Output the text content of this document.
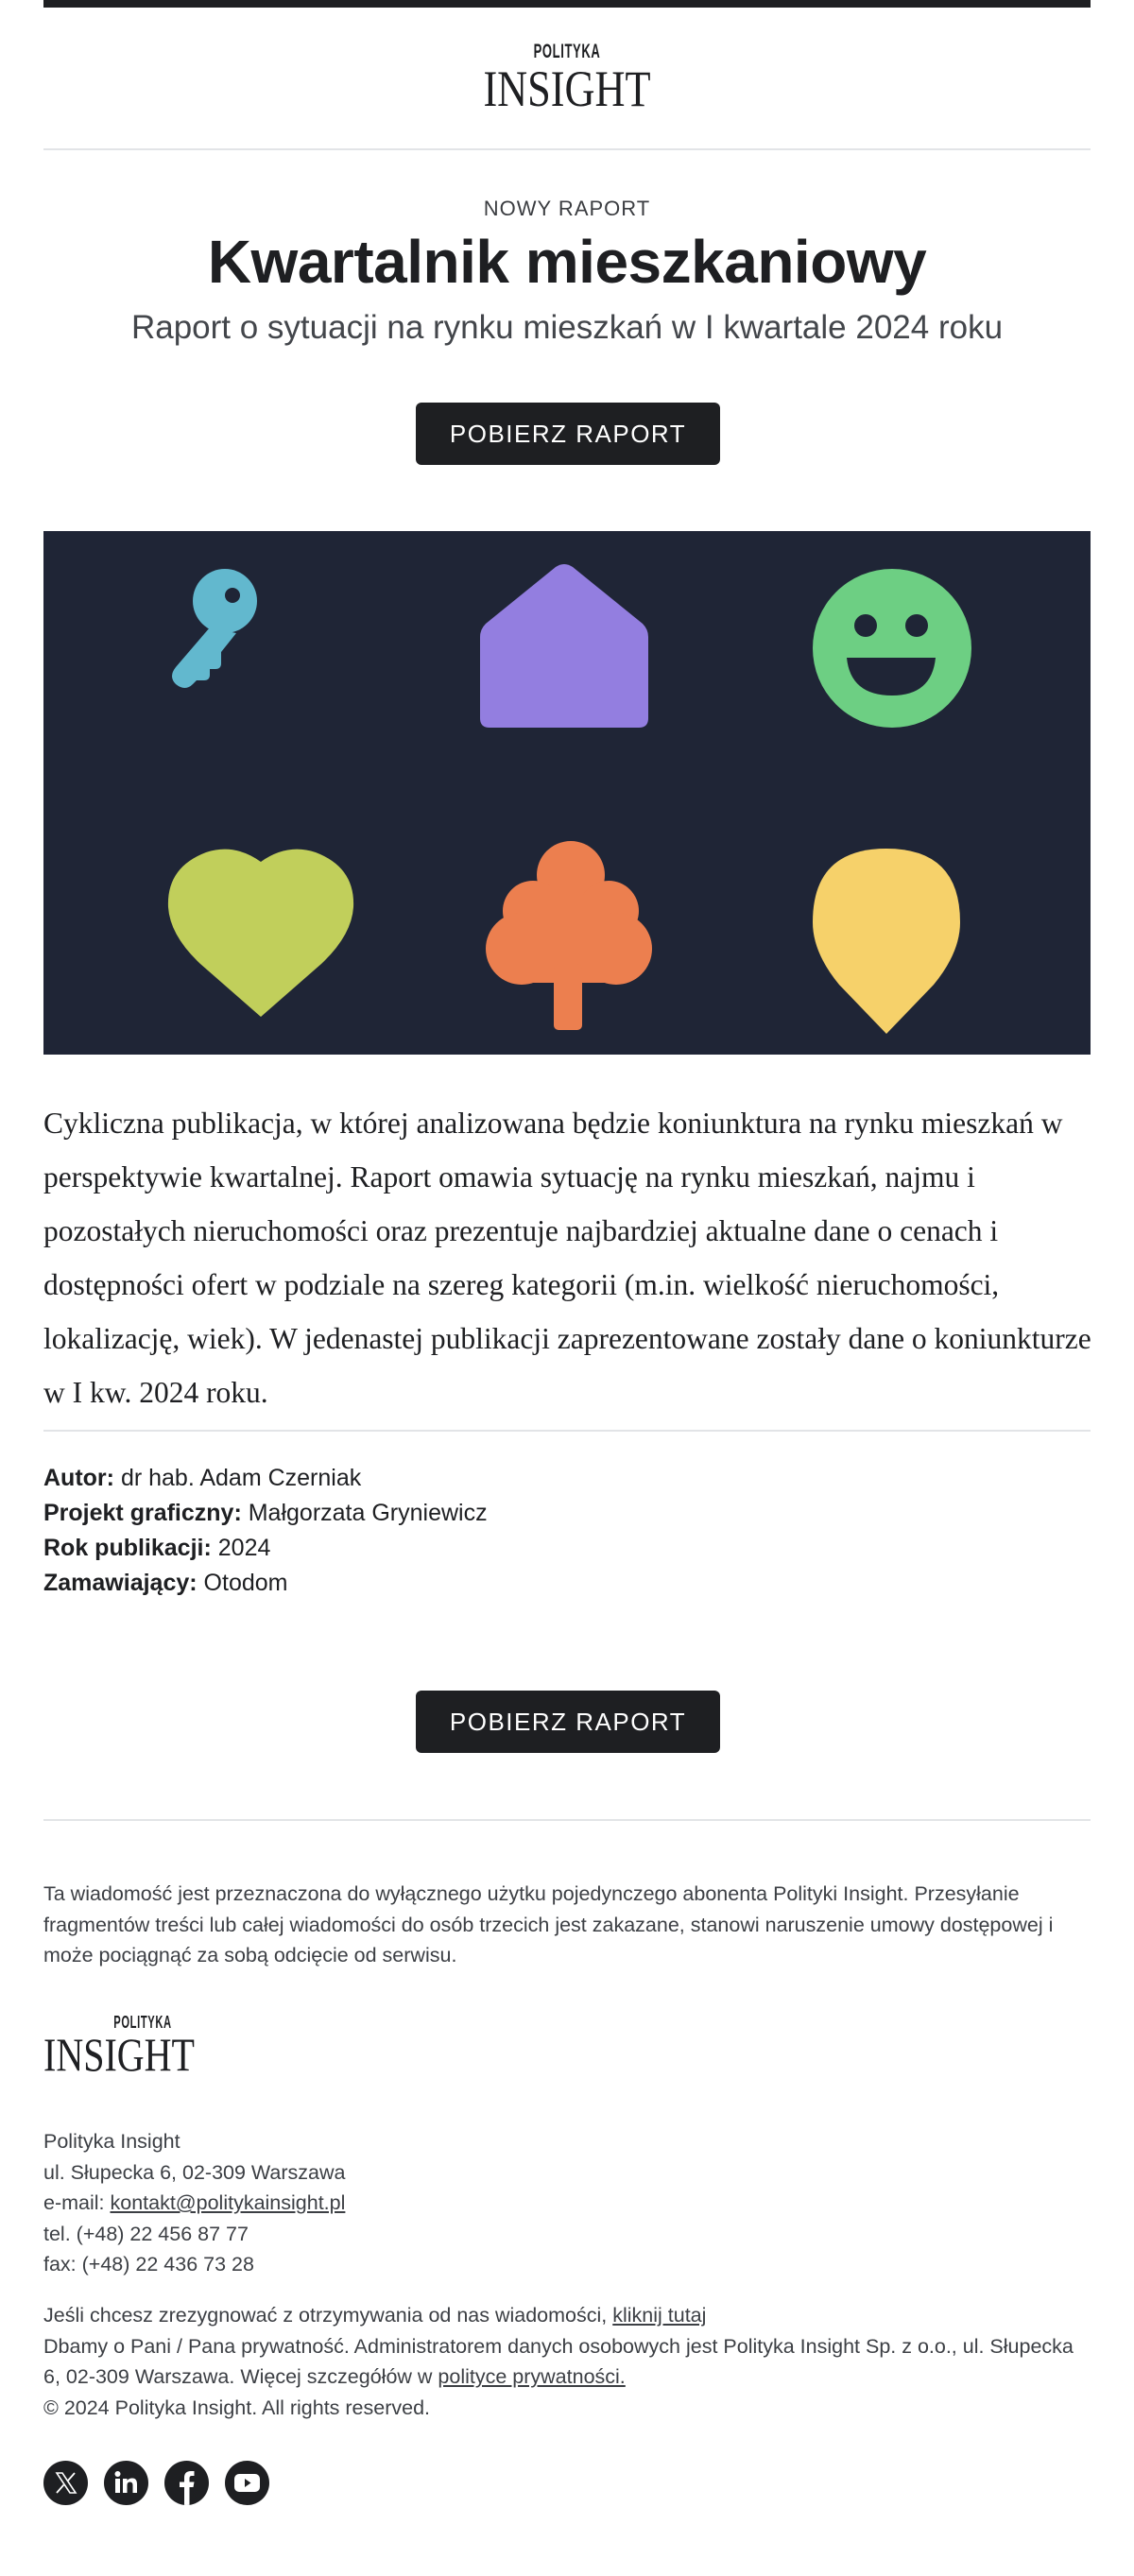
POLITYKA
INSIGHT
NOWY RAPORT
Kwartalnik mieszkaniowy
Raport o sytuacji na rynku mieszkań w I kwartale 2024 roku
POBIERZ RAPORT

Cykliczna publikacja, w której analizowana będzie koniunktura na rynku mieszkań w perspektywie kwartalnej. Raport omawia sytuację na rynku mieszkań, najmu i pozostałych nieruchomości oraz prezentuje najbardziej aktualne dane o cenach i dostępności ofert w podziale na szereg kategorii (m.in. wielkość nieruchomości, lokalizację, wiek). W jedenastej publikacji zaprezentowane zostały dane o koniunkturze w I kw. 2024 roku.

Autor: dr hab. Adam Czerniak
Projekt graficzny: Małgorzata Gryniewicz
Rok publikacji: 2024
Zamawiający: Otodom
POBIERZ RAPORT

Ta wiadomość jest przeznaczona do wyłącznego użytku pojedynczego abonenta Polityki Insight. Przesyłanie fragmentów treści lub całej wiadomości do osób trzecich jest zakazane, stanowi naruszenie umowy dostępowej i może pociągnąć za sobą odcięcie od serwisu.

POLITYKA
INSIGHT
Polityka Insight
ul. Słupecka 6, 02-309 Warszawa
e-mail: kontakt@politykainsight.pl
tel. (+48) 22 456 87 77
fax: (+48) 22 436 73 28
Jeśli chcesz zrezygnować z otrzymywania od nas wiadomości, kliknij tutaj
Dbamy o Pani / Pana prywatność. Administratorem danych osobowych jest Polityka Insight Sp. z o.o., ul. Słupecka 6, 02-309 Warszawa. Więcej szczegółów w polityce prywatności.
© 2024 Polityka Insight. All rights reserved.
